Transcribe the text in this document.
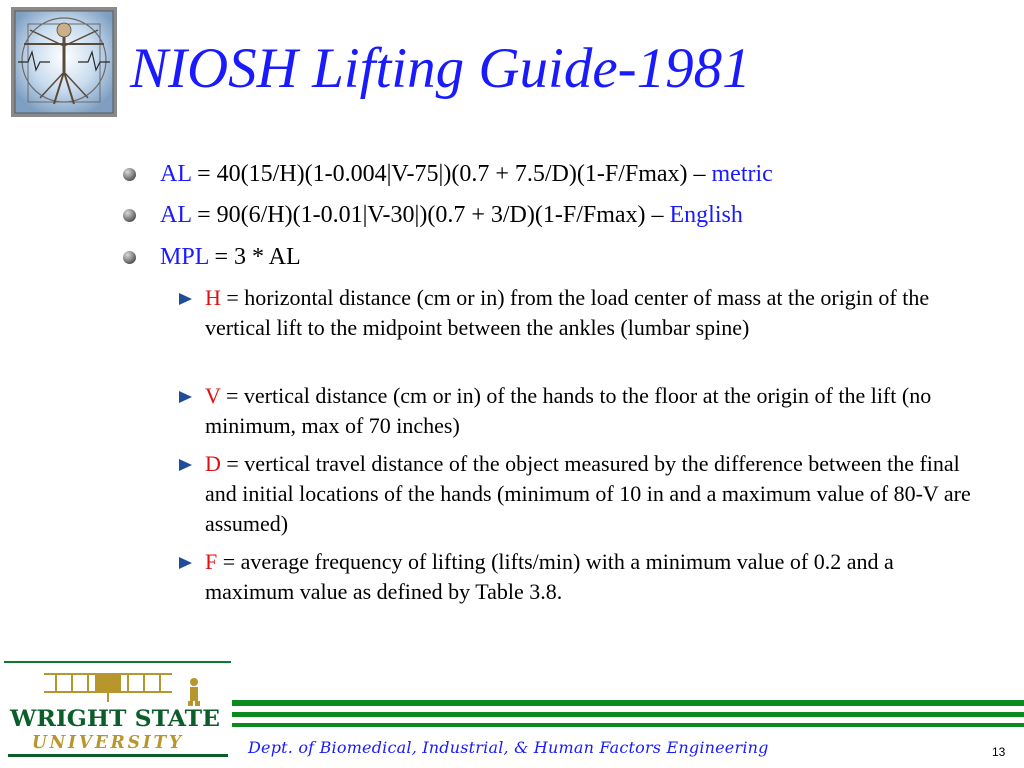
NIOSH Lifting Guide-1981
AL = 40(15/H)(1-0.004|V-75|)(0.7 + 7.5/D)(1-F/Fmax) – metric
AL = 90(6/H)(1-0.01|V-30|)(0.7 + 3/D)(1-F/Fmax) – English
MPL = 3 * AL
H = horizontal distance (cm or in) from the load center of mass at the origin of the vertical lift to the midpoint between the ankles (lumbar spine)
V = vertical distance (cm or in) of the hands to the floor at the origin of the lift (no minimum, max of 70 inches)
D = vertical travel distance of the object measured by the difference between the final and initial locations of the hands (minimum of 10 in and a maximum value of 80-V are assumed)
F = average frequency of lifting (lifts/min) with a minimum value of 0.2 and a maximum value as defined by Table 3.8.
WRIGHT STATE
UNIVERSITY	Dept. of Biomedical, Industrial, & Human Factors Engineering	13
